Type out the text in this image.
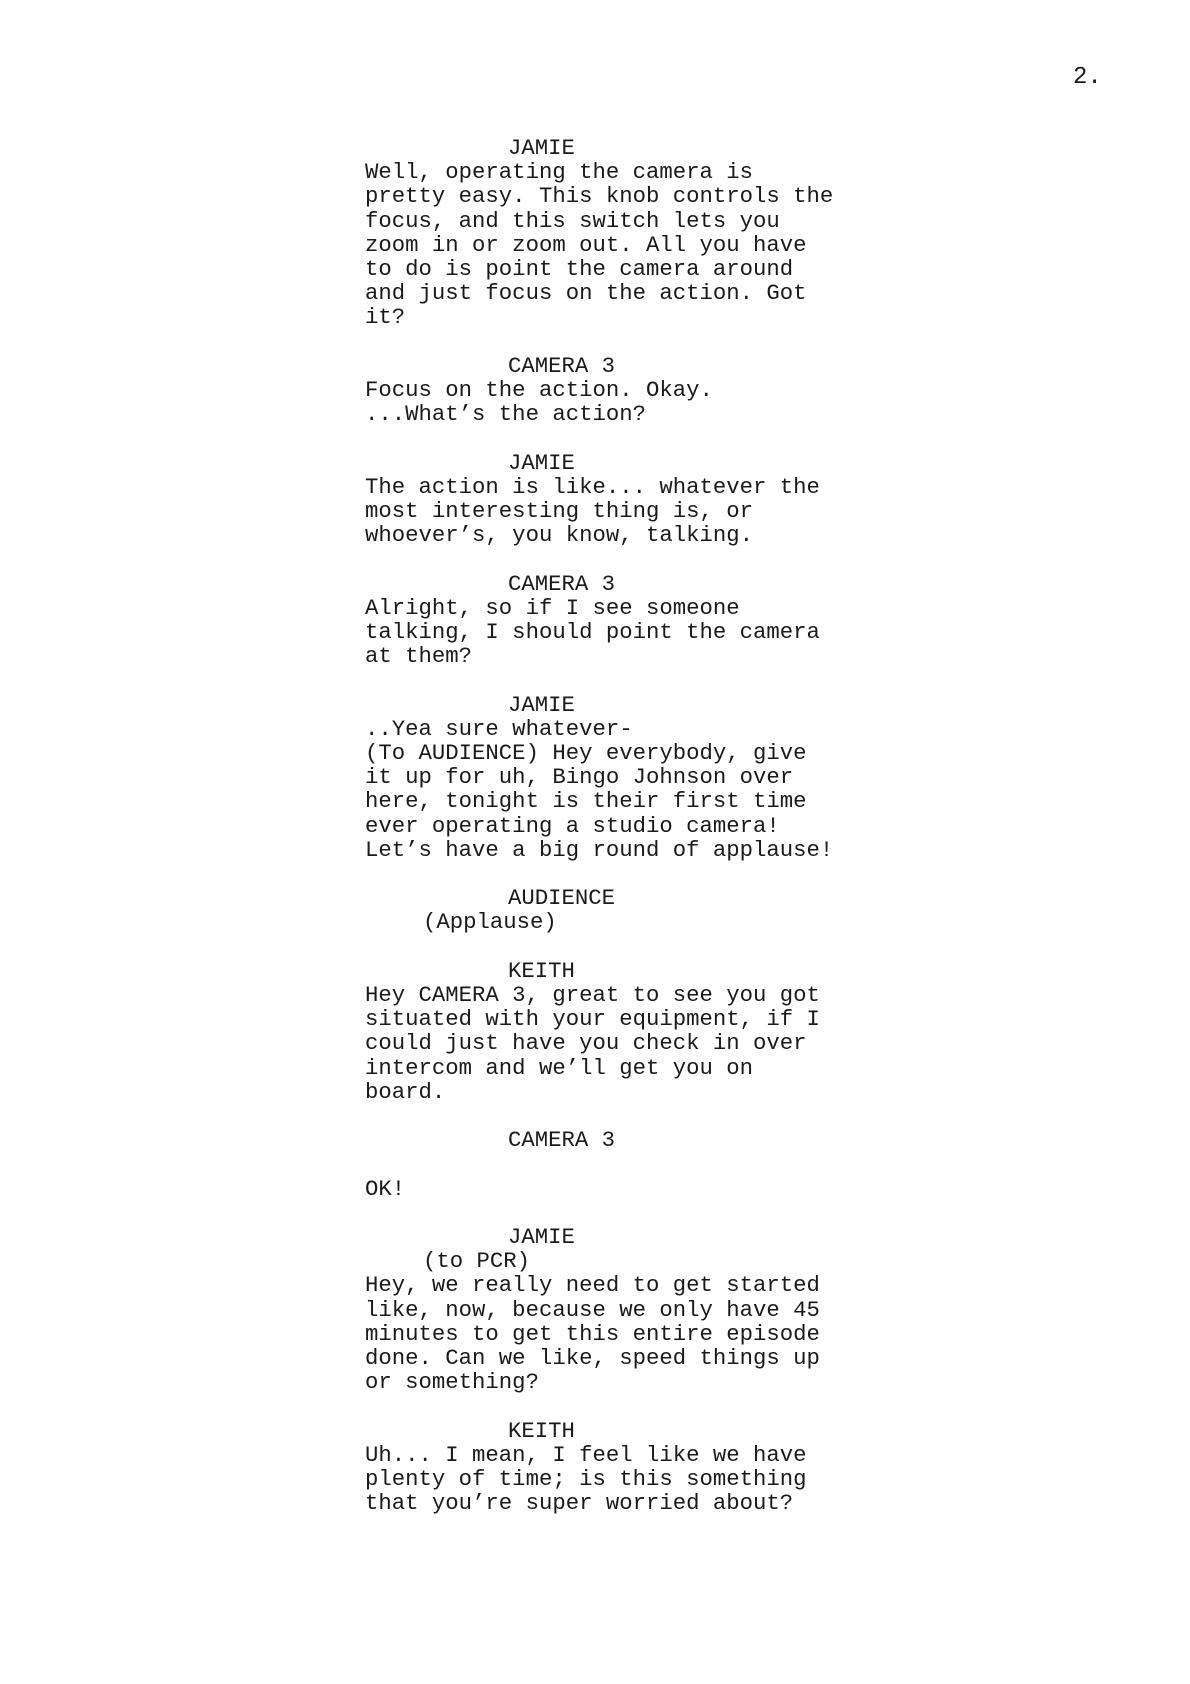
2.
JAMIE
Well, operating the camera is
pretty easy. This knob controls the
focus, and this switch lets you
zoom in or zoom out. All you have
to do is point the camera around
and just focus on the action. Got
it?
CAMERA 3
Focus on the action. Okay.
...What’s the action?
JAMIE
The action is like... whatever the
most interesting thing is, or
whoever’s, you know, talking.
CAMERA 3
Alright, so if I see someone
talking, I should point the camera
at them?
JAMIE
..Yea sure whatever-
(To AUDIENCE) Hey everybody, give
it up for uh, Bingo Johnson over
here, tonight is their first time
ever operating a studio camera!
Let’s have a big round of applause!
AUDIENCE
(Applause)
KEITH
Hey CAMERA 3, great to see you got
situated with your equipment, if I
could just have you check in over
intercom and we’ll get you on
board.
CAMERA 3
OK!
JAMIE
(to PCR)
Hey, we really need to get started
like, now, because we only have 45
minutes to get this entire episode
done. Can we like, speed things up
or something?
KEITH
Uh... I mean, I feel like we have
plenty of time; is this something
that you’re super worried about?
